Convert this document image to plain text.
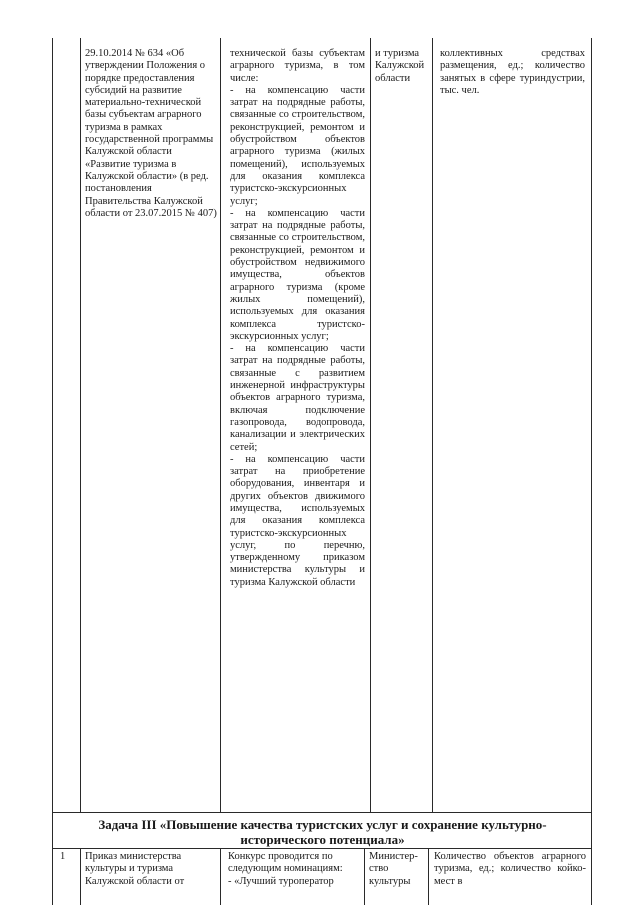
29.10.2014 № 634 «Об утверждении Положения о порядке предоставления субсидий на развитие материально-технической базы субъектам аграрного туризма в рамках государственной программы Калужской области «Развитие туризма в Калужской области» (в ред. постановления Правительства Калужской области от 23.07.2015 № 407)
технической базы субъектам аграрного туризма, в том числе:
- на компенсацию части затрат на подрядные работы, связанные со строительством, реконструкцией, ремонтом и обустройством объектов аграрного туризма (жилых помещений), используемых для оказания комплекса туристско-экскурсионных услуг;
- на компенсацию части затрат на подрядные работы, связанные со строительством, реконструкцией, ремонтом и обустройством недвижимого имущества, объектов аграрного туризма (кроме жилых помещений), используемых для оказания комплекса туристско-экскурсионных услуг;
- на компенсацию части затрат на подрядные работы, связанные с развитием инженерной инфраструктуры объектов аграрного туризма, включая подключение газопровода, водопровода, канализации и электрических сетей;
- на компенсацию части затрат на приобретение оборудования, инвентаря и других объектов движимого имущества, используемых для оказания комплекса туристско-экскурсионных услуг, по перечню, утвержденному приказом министерства культуры и туризма Калужской области
и туризма Калужской области
коллективных средствах размещения, ед.; количество занятых в сфере туриндустрии, тыс. чел.
Задача III «Повышение качества туристских услуг и сохранение культурно-исторического потенциала»
1	Приказ министерства культуры и туризма Калужской области от
Конкурс проводится по следующим номинациям:
- «Лучший туроператор
Министер-ство культуры
Количество объектов аграрного туризма, ед.; количество койко-мест в
